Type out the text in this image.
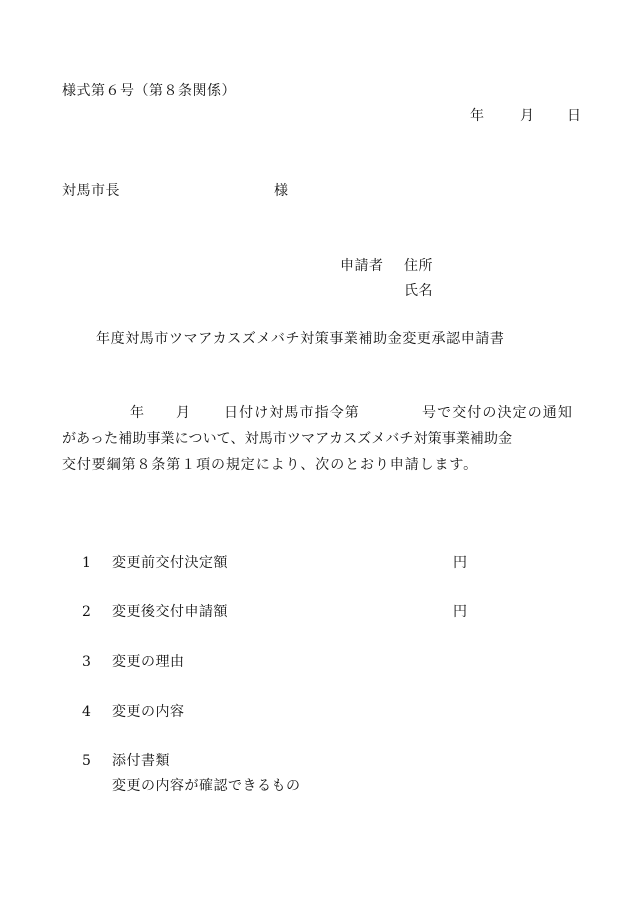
様式第６号（第８条関係）
年	月 日
対馬市長	様
申請者 住所
氏名
年度対馬市ツマアカスズメバチ対策事業補助金変更承認申請書
年 月 日付け対馬市指令第	号で交付の決定の通知
があった補助事業について、対馬市ツマアカスズメバチ対策事業補助金
交付要綱第８条第１項の規定により、次のとおり申請します。
1 変更前交付決定額	円
2 変更後交付申請額	円
3 変更の理由
4 変更の内容
5 添付書類
変更の内容が確認できるもの
